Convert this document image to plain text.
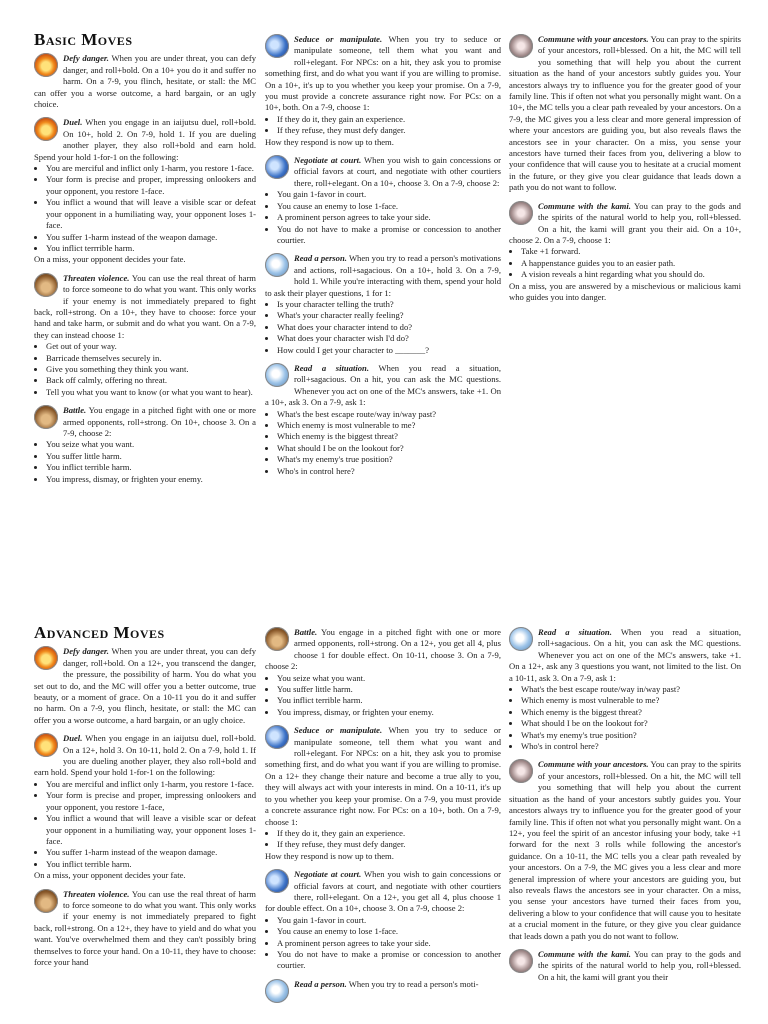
Basic Moves

Defy danger. When you are under threat, you can defy danger, and roll+bold. On a 10+ you do it and suffer no harm. On a 7-9, you flinch, hesitate, or stall: the MC can offer you a worse outcome, a hard bargain, or an ugly choice.

Duel. When you engage in an iaijutsu duel, roll+bold. On 10+, hold 2. On 7-9, hold 1. If you are dueling another player, they also roll+bold and earn hold. Spend your hold 1-for-1 on the following:

• You are merciful and inflict only 1-harm, you restore 1-face.
• Your form is precise and proper, impressing onlookers and your opponent, you restore 1-face.
• You inflict a wound that will leave a visible scar or defeat your opponent in a humiliating way, your opponent loses 1-face.
• You suffer 1-harm instead of the weapon damage.
• You inflict terrrible harm.

On a miss, your opponent decides your fate.

Threaten violence. You can use the real threat of harm to force someone to do what you want. This only works if your enemy is not immediately prepared to fight back, roll+strong. On a 10+, they have to choose: force your hand and take harm, or submit and do what you want. On a 7-9, they can instead choose 1:

• Get out of your way.
• Barricade themselves securely in.
• Give you something they think you want.
• Back off calmly, offering no threat.
• Tell you what you want to know (or what you want to hear).

Battle. You engage in a pitched fight with one or more armed opponents, roll+strong. On 10+, choose 3. On a 7-9, choose 2:

• You seize what you want.
• You suffer little harm.
• You inflict terrible harm.
• You impress, dismay, or frighten your enemy.

Seduce or manipulate. When you try to seduce or manipulate someone, tell them what you want and roll+elegant. For NPCs: on a hit, they ask you to promise something first, and do what you want if you are willing to promise. On a 10+, it's up to you whether you keep your promise. On a 7-9, you must provide a concrete assurance right now. For PCs: on a 10+, both. On a 7-9, choose 1:

• If they do it, they gain an experience.
• If they refuse, they must defy danger.

How they respond is now up to them.

Negotiate at court. When you wish to gain concessions or official favors at court, and negotiate with other courtiers there, roll+elegant. On a 10+, choose 3. On a 7-9, choose 2:

• You gain 1-favor in court.
• You cause an enemy to lose 1-face.
• A prominent person agrees to take your side.
• You do not have to make a promise or concession to another courtier.

Read a person. When you try to read a person's motivations and actions, roll+sagacious. On a 10+, hold 3. On a 7-9, hold 1. While you're interacting with them, spend your hold to ask their player questions, 1 for 1:

• Is your character telling the truth?
• What's your character really feeling?
• What does your character intend to do?
• What does your character wish I'd do?
• How could I get your character to _______?

Read a situation. When you read a situation, roll+sagacious. On a hit, you can ask the MC questions. Whenever you act on one of the MC's answers, take +1. On a 10+, ask 3. On a 7-9, ask 1:

• What's the best escape route/way in/way past?
• Which enemy is most vulnerable to me?
• Which enemy is the biggest threat?
• What should I be on the lookout for?
• What's my enemy's true position?
• Who's in control here?

Commune with your ancestors. You can pray to the spirits of your ancestors, roll+blessed. On a hit, the MC will tell you something that will help you about the current situation as the hand of your ancestors subtly guides you. Your ancestors always try to influence you for the greater good of your family line. This if often not what you personally might want. On a 10+, the MC tells you a clear path revealed by your ancestors. On a 7-9, the MC gives you a less clear and more general impression of where your ancestors are guiding you, but also reveals flaws the ancestors see in your character. On a miss, you sense your ancestors have turned their faces from you, delivering a blow to your confidence that will cause you to hesitate at a crucial moment in the future, or they give you clear guidance that leads down a path you do not want to follow.

Commune with the kami. You can pray to the gods and the spirits of the natural world to help you, roll+blessed. On a hit, the kami will grant you their aid. On a 10+, choose 2. On a 7-9, choose 1:

• Take +1 forward.
• A happenstance guides you to an easier path.
• A vision reveals a hint regarding what you should do.

On a miss, you are answered by a mischevious or malicious kami who guides you into danger.

Advanced Moves

Defy danger. When you are under threat, you can defy danger, roll+bold. On a 12+, you transcend the danger, the pressure, the possibility of harm. You do what you set out to do, and the MC will offer you a better outcome, true beauty, or a moment of grace. On a 10-11 you do it and suffer no harm. On a 7-9, you flinch, hesitate, or stall: the MC can offer you a worse outcome, a hard bargain, or an ugly choice.

Duel. When you engage in an iaijutsu duel, roll+bold. On a 12+, hold 3. On 10-11, hold 2. On a 7-9, hold 1. If you are dueling another player, they also roll+bold and earn hold. Spend your hold 1-for-1 on the following:

• You are merciful and inflict only 1-harm, you restore 1-face.
• Your form is precise and proper, impressing onlookers and your opponent, you restore 1-face,
• You inflict a wound that will leave a visible scar or defeat your opponent in a humiliating way, your opponent loses 1-face.
• You suffer 1-harm instead of the weapon damage.
• You inflict terrible harm.

On a miss, your opponent decides your fate.

Threaten violence. You can use the real threat of harm to force someone to do what you want. This only works if your enemy is not immediately prepared to fight back, roll+strong. On a 12+, they have to yield and do what you want. You've overwhelmed them and they can't possibly bring themselves to force your hand. On a 10-11, they have to choose: force your hand

Battle. You engage in a pitched fight with one or more armed opponents, roll+strong. On a 12+, you get all 4, plus choose 1 for double effect. On 10-11, choose 3. On a 7-9, choose 2:

• You seize what you want.
• You suffer little harm.
• You inflict terrible harm.
• You impress, dismay, or frighten your enemy.

Seduce or manipulate. When you try to seduce or manipulate someone, tell them what you want and roll+elegant. For NPCs: on a hit, they ask you to promise something first, and do what you want if you are willing to promise. On a 12+ they change their nature and become a true ally to you, they will always act with your interests in mind. On a 10-11, it's up to you whether you keep your promise. On a 7-9, you must provide a concrete assurance right now. For PCs: on a 10+, both. On a 7-9, choose 1:

• If they do it, they gain an experience.
• If they refuse, they must defy danger.

How they respond is now up to them.

Negotiate at court. When you wish to gain concessions or official favors at court, and negotiate with other courtiers there, roll+elegant. On a 12+, you get all 4, plus choose 1 for double effect. On a 10+, choose 3. On a 7-9, choose 2:

• You gain 1-favor in court.
• You cause an enemy to lose 1-face.
• A prominent person agrees to take your side.
• You do not have to make a promise or concession to another courtier.

Read a person. When you try to read a person's moti-

Read a situation. When you read a situation, roll+sagacious. On a hit, you can ask the MC questions. Whenever you act on one of the MC's answers, take +1. On a 12+, ask any 3 questions you want, not limited to the list. On a 10-11, ask 3. On a 7-9, ask 1:

• What's the best escape route/way in/way past?
• Which enemy is most vulnerable to me?
• Which enemy is the biggest threat?
• What should I be on the lookout for?
• What's my enemy's true position?
• Who's in control here?

Commune with your ancestors. You can pray to the spirits of your ancestors, roll+blessed. On a hit, the MC will tell you something that will help you about the current situation as the hand of your ancestors subtly guides you. Your ancestors always try to influence you for the greater good of your family line. This if often not what you personally might want. On a 12+, you feel the spirit of an ancestor infusing your body, take +1 forward for the next 3 rolls while following the ancestor's guidance. On a 10-11, the MC tells you a clear path revealed by your ancestors. On a 7-9, the MC gives you a less clear and more general impression of where your ancestors are guiding you, but also reveals flaws the ancestors see in your character. On a miss, you sense your ancestors have turned their faces from you, delivering a blow to your confidence that will cause you to hesitate at a crucial moment in the future, or they give you clear guidance that leads down a path you do not want to follow.

Commune with the kami. You can pray to the gods and the spirits of the natural world to help you, roll+blessed. On a hit, the kami will grant you their
